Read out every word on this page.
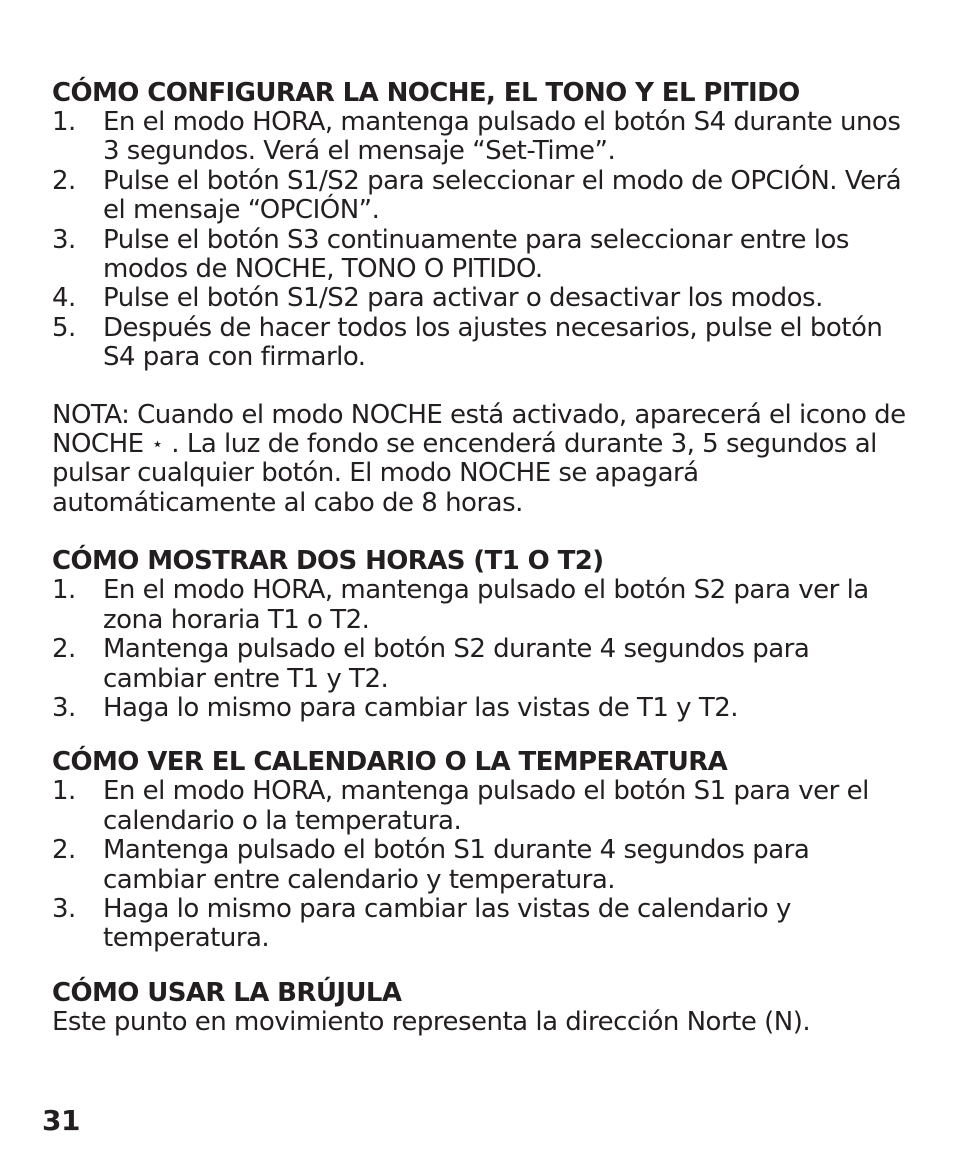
CÓMO CONFIGURAR LA NOCHE, EL TONO Y EL PITIDO
1. En el modo HORA, mantenga pulsado el botón S4 durante unos 3 segundos. Verá el mensaje “Set-Time”.
2. Pulse el botón S1/S2 para seleccionar el modo de OPCIÓN. Verá el mensaje “OPCIÓN”.
3. Pulse el botón S3 continuamente para seleccionar entre los modos de NOCHE, TONO O PITIDO.
4. Pulse el botón S1/S2 para activar o desactivar los modos.
5. Después de hacer todos los ajustes necesarios, pulse el botón S4 para con firmarlo.

NOTA: Cuando el modo NOCHE está activado, aparecerá el icono de NOCHE
. La luz de fondo se encenderá durante 3, 5 segundos al pulsar cualquier botón. El modo NOCHE se apagará automáticamente al cabo de 8 horas.

CÓMO MOSTRAR DOS HORAS (T1 O T2)
1. En el modo HORA, mantenga pulsado el botón S2 para ver la zona horaria T1 o T2.
2. Mantenga pulsado el botón S2 durante 4 segundos para cambiar entre T1 y T2.
3. Haga lo mismo para cambiar las vistas de T1 y T2.
CÓMO VER EL CALENDARIO O LA TEMPERATURA
1. En el modo HORA, mantenga pulsado el botón S1 para ver el calendario o la temperatura.
2. Mantenga pulsado el botón S1 durante 4 segundos para cambiar entre calendario y temperatura.
3. Haga lo mismo para cambiar las vistas de calendario y temperatura.
CÓMO USAR LA BRÚJULA

Este punto en movimiento representa la dirección Norte (N).

31
